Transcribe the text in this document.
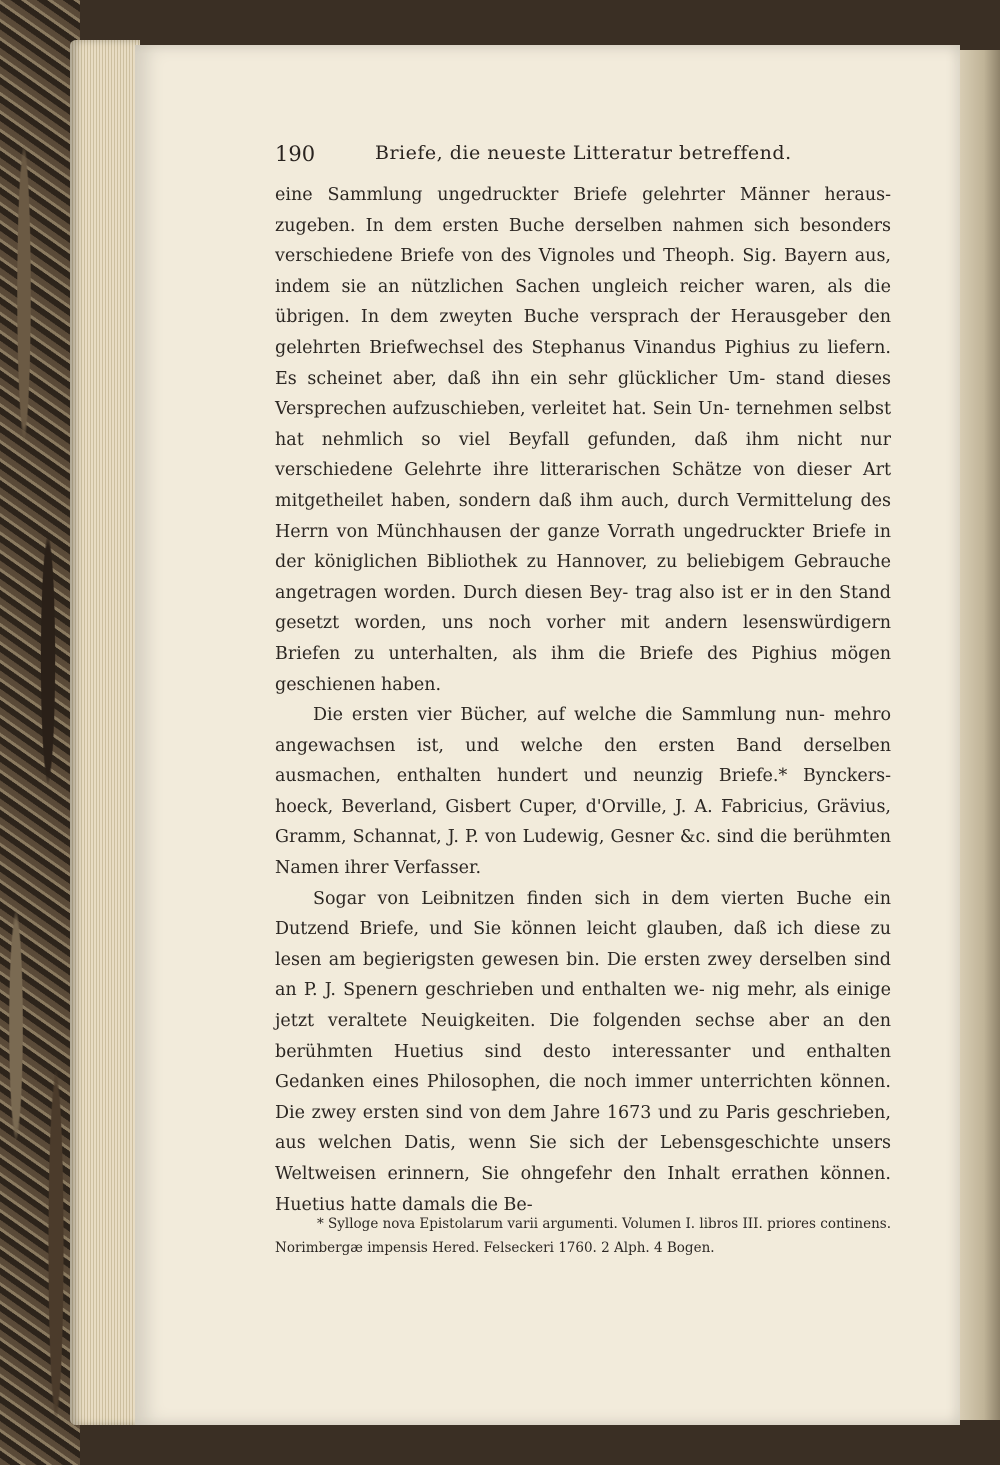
190	Briefe, die neueste Litteratur betreffend.

eine Sammlung ungedruckter Briefe gelehrter Männer heraus- zugeben. In dem ersten Buche derselben nahmen sich besonders verschiedene Briefe von des Vignoles und Theoph. Sig. Bayern aus, indem sie an nützlichen Sachen ungleich reicher waren, als die übrigen. In dem zweyten Buche versprach der Herausgeber den gelehrten Briefwechsel des Stephanus Vinandus Pighius zu liefern. Es scheinet aber, daß ihn ein sehr glücklicher Um- stand dieses Versprechen aufzuschieben, verleitet hat. Sein Un- ternehmen selbst hat nehmlich so viel Beyfall gefunden, daß ihm nicht nur verschiedene Gelehrte ihre litterarischen Schätze von dieser Art mitgetheilet haben, sondern daß ihm auch, durch Vermittelung des Herrn von Münchhausen der ganze Vorrath ungedruckter Briefe in der königlichen Bibliothek zu Hannover, zu beliebigem Gebrauche angetragen worden. Durch diesen Bey- trag also ist er in den Stand gesetzt worden, uns noch vorher mit andern lesenswürdigern Briefen zu unterhalten, als ihm die Briefe des Pighius mögen geschienen haben.

Die ersten vier Bücher, auf welche die Sammlung nun- mehro angewachsen ist, und welche den ersten Band derselben ausmachen, enthalten hundert und neunzig Briefe.* Bynckers- hoeck, Beverland, Gisbert Cuper, d'Orville, J. A. Fabricius, Grävius, Gramm, Schannat, J. P. von Ludewig, Gesner &c. sind die berühmten Namen ihrer Verfasser.

Sogar von Leibnitzen finden sich in dem vierten Buche ein Dutzend Briefe, und Sie können leicht glauben, daß ich diese zu lesen am begierigsten gewesen bin. Die ersten zwey derselben sind an P. J. Spenern geschrieben und enthalten we- nig mehr, als einige jetzt veraltete Neuigkeiten. Die folgenden sechse aber an den berühmten Huetius sind desto interessanter und enthalten Gedanken eines Philosophen, die noch immer unterrichten können. Die zwey ersten sind von dem Jahre 1673 und zu Paris geschrieben, aus welchen Datis, wenn Sie sich der Lebensgeschichte unsers Weltweisen erinnern, Sie ohngefehr den Inhalt errathen können. Huetius hatte damals die Be-

* Sylloge nova Epistolarum varii argumenti. Volumen I. libros III. priores continens. Norimbergæ impensis Hered. Felseckeri 1760. 2 Alph. 4 Bogen.
